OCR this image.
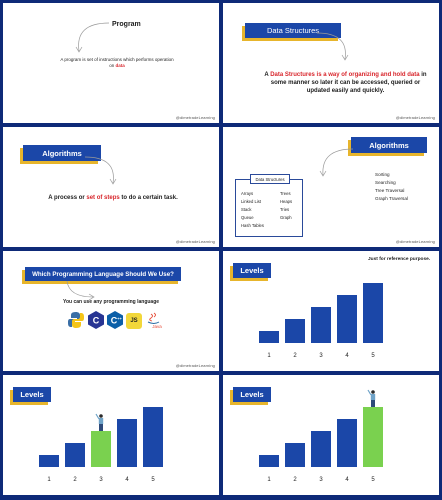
Program
A program is set of instructions which performs operation on data
@dimetradeLearning
Data Structures
A Data Structures is a way of organizing and hold data in some manner so later it can be accessed, queried or updated easily and quickly.
@dimetradeLearning
Algorithms
A process or set of steps to do a certain task.
@dimetradeLearning
Algorithms
Data Structures
Arrays
Linked List
Stack
Queue
Hash Tables
Trees
Heaps
Tries
Graph
Sorting
Searching
Tree Traversal
Graph Traversal
@dimetradeLearning
Which Programming Language Should We Use?
You can use any programming language
C C ++	JS
Java
@dimetradeLearning
Levels
Just for reference purpose.
1	2	3	4	5
Levels
1	2	3	4	5
Levels
1	2	3	4	5
